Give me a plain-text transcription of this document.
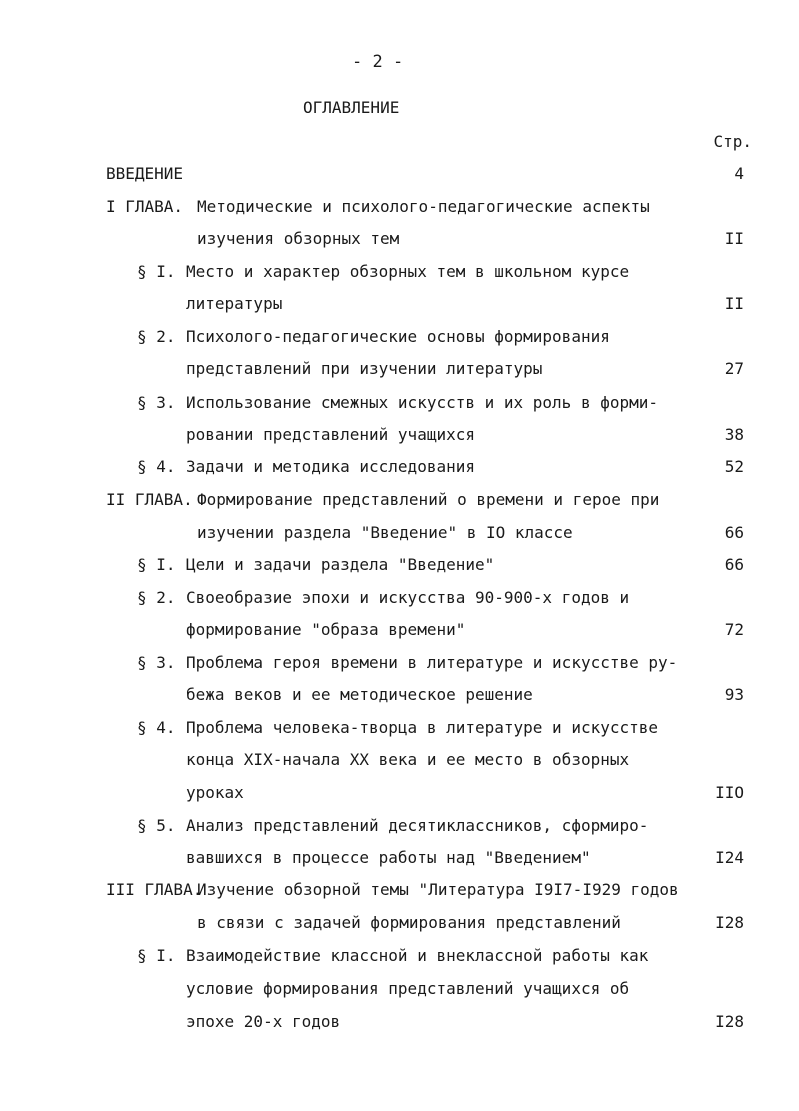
- 2 -
ОГЛАВЛЕНИЕ
Стр.
ВВЕДЕНИЕ	4
I ГЛАВА. Методические и психолого-педагогические аспекты
изучения обзорных тем	II
§ I. Место и характер обзорных тем в школьном курсе
литературы	II
§ 2. Психолого-педагогические основы формирования
представлений при изучении литературы	27
§ 3. Использование смежных искусств и их роль в форми-
ровании представлений учащихся	38
§ 4. Задачи и методика исследования	52
II ГЛАВА. Формирование представлений о времени и герое при
изучении раздела "Введение" в IO классе	66
§ I. Цели и задачи раздела "Введение"	66
§ 2. Своеобразие эпохи и искусства 90-900-х годов и
формирование "образа времени"	72
§ 3. Проблема героя времени в литературе и искусстве ру-
бежа веков и ее методическое решение	93
§ 4. Проблема человека-творца в литературе и искусстве
конца XIX-начала XX века и ее место в обзорных
уроках	IIO
§ 5. Анализ представлений десятиклассников, сформиро-
вавшихся в процессе работы над "Введением"	I24
III ГЛАВА.
Изучение обзорной темы "Литература I9I7-I929 годов
в связи с задачей формирования представлений	I28
§ I. Взаимодействие классной и внеклассной работы как
условие формирования представлений учащихся об
эпохе 20-х годов	I28
